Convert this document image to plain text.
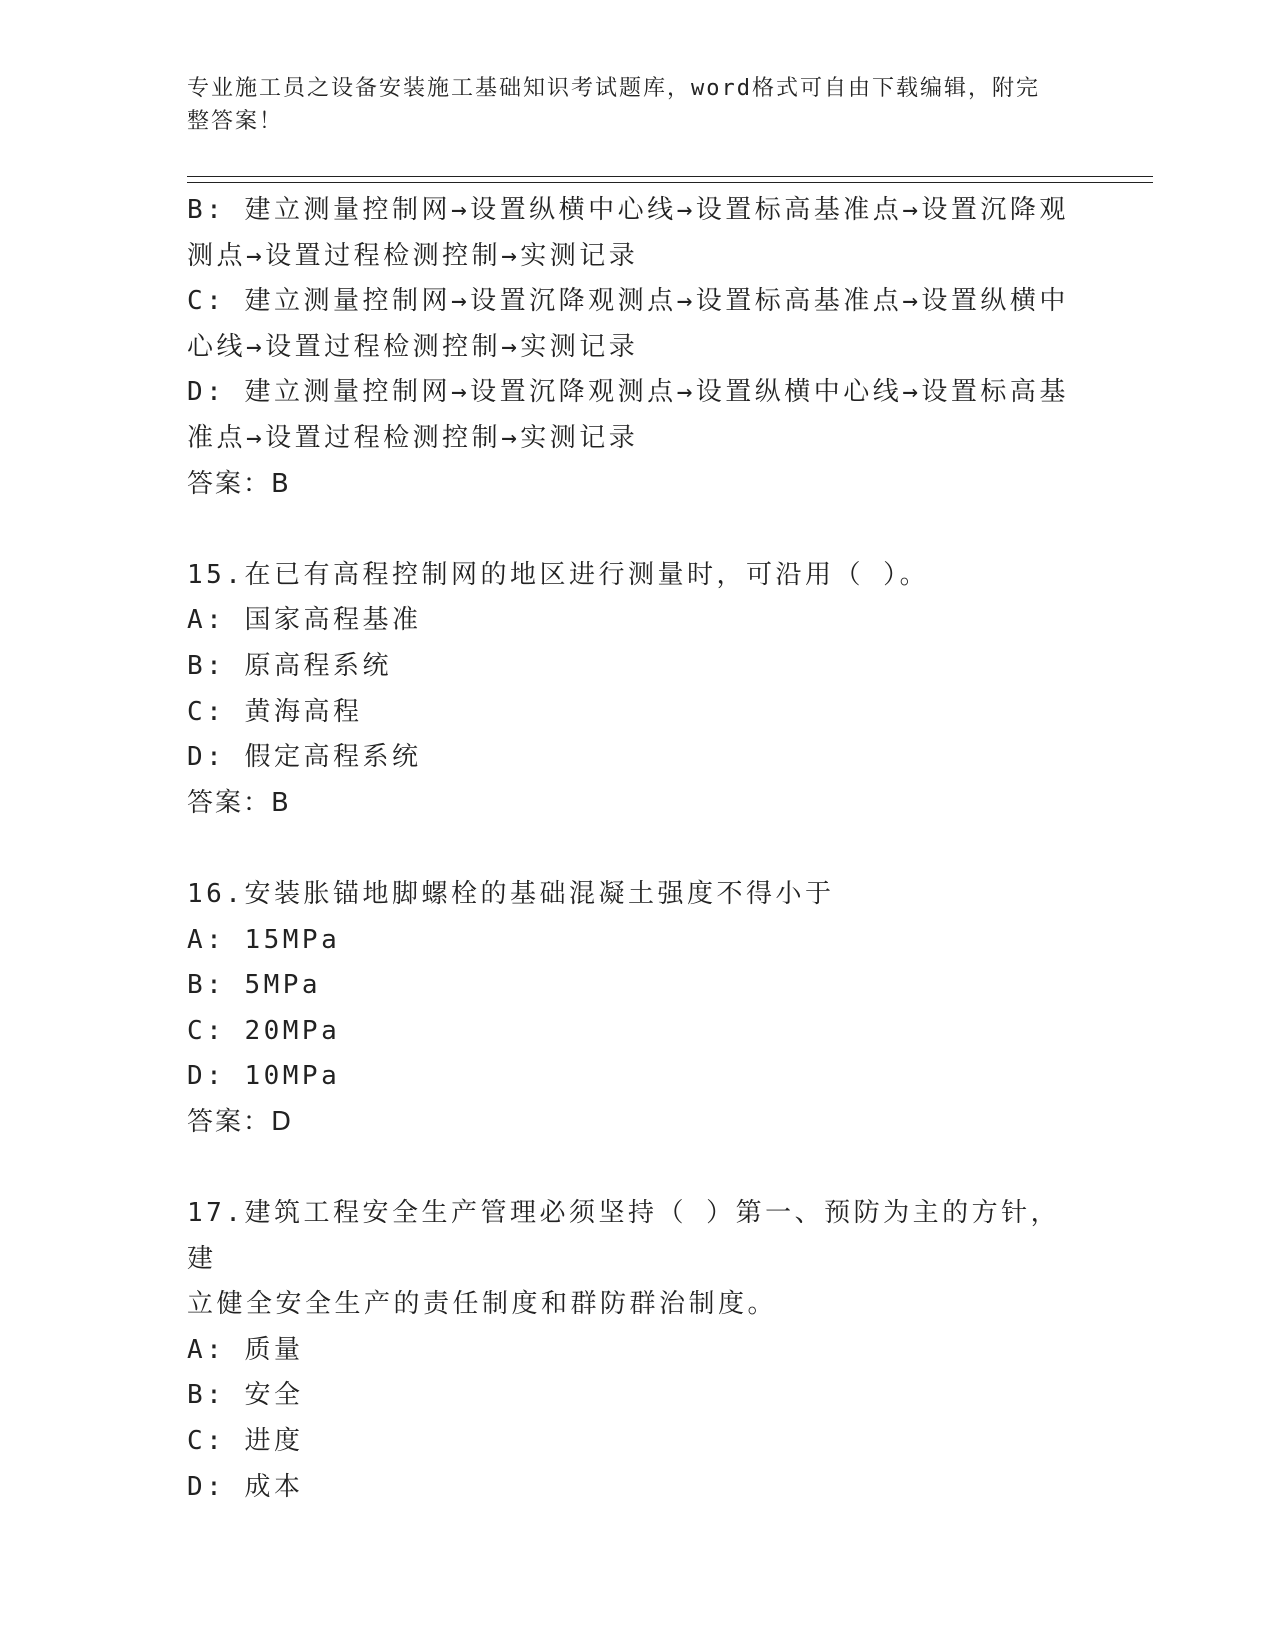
专业施工员之设备安装施工基础知识考试题库，word格式可自由下载编辑，附完
整答案！
B: 建立测量控制网→设置纵横中心线→设置标高基准点→设置沉降观
测点→设置过程检测控制→实测记录
C: 建立测量控制网→设置沉降观测点→设置标高基准点→设置纵横中
心线→设置过程检测控制→实测记录
D: 建立测量控制网→设置沉降观测点→设置纵横中心线→设置标高基
准点→设置过程检测控制→实测记录
答案：B
15.在已有高程控制网的地区进行测量时，可沿用（ ）。
A: 国家高程基准
B: 原高程系统
C: 黄海高程
D: 假定高程系统
答案：B
16.安装胀锚地脚螺栓的基础混凝土强度不得小于
A: 15MPa
B: 5MPa
C: 20MPa
D: 10MPa
答案：D
17.建筑工程安全生产管理必须坚持（ ）第一、预防为主的方针，建
立健全安全生产的责任制度和群防群治制度。
A: 质量
B: 安全
C: 进度
D: 成本
